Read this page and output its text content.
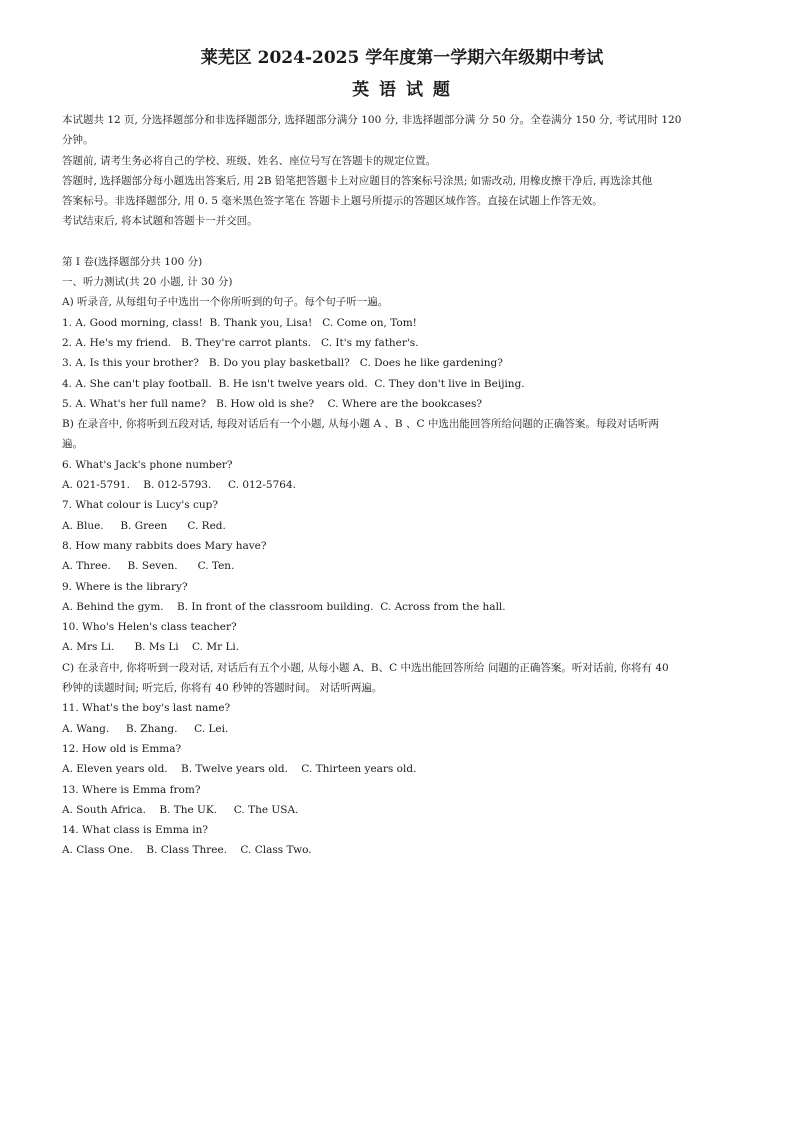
莱芜区 2024-2025 学年度第一学期六年级期中考试
英 语 试 题

本试题共 12 页, 分选择题部分和非选择题部分, 选择题部分满分 100 分, 非选择题部分满 分 50 分。全卷满分 150 分, 考试用时 120

分钟。

答题前, 请考生务必将自己的学校、班级、姓名、座位号写在答题卡的规定位置。

答题时, 选择题部分每小题选出答案后, 用 2B 铅笔把答题卡上对应题目的答案标号涂黑; 如需改动, 用橡皮擦干净后, 再选涂其他

答案标号。非选择题部分, 用 0. 5 毫米黑色签字笔在 答题卡上题号所提示的答题区域作答。直接在试题上作答无效。

考试结束后, 将本试题和答题卡一并交回。

第 I 卷(选择题部分共 100 分)

一、听力测试(共 20 小题, 计 30 分)

A) 听录音, 从每组句子中选出一个你所听到的句子。每个句子听一遍。

1. A. Good morning, class!  B. Thank you, Lisa!   C. Come on, Tom!

2. A. He's my friend.   B. They're carrot plants.   C. It's my father's.

3. A. Is this your brother?   B. Do you play basketball?   C. Does he like gardening?

4. A. She can't play football.  B. He isn't twelve years old.  C. They don't live in Beijing.

5. A. What's her full name?   B. How old is she?    C. Where are the bookcases?

B) 在录音中, 你将听到五段对话, 每段对话后有一个小题, 从每小题 A 、B 、C 中选出能回答所给问题的正确答案。每段对话听两

遍。

6. What's Jack's phone number?

A. 021-5791.    B. 012-5793.     C. 012-5764.

7. What colour is Lucy's cup?

A. Blue.     B. Green      C. Red.

8. How many rabbits does Mary have?

A. Three.     B. Seven.      C. Ten.

9. Where is the library?

A. Behind the gym.    B. In front of the classroom building.  C. Across from the hall.

10. Who's Helen's class teacher?

A. Mrs Li.      B. Ms Li    C. Mr Li.

C) 在录音中, 你将听到一段对话, 对话后有五个小题, 从每小题 A、B、C 中选出能回答所给 问题的正确答案。听对话前, 你将有 40

秒钟的读题时间; 听完后, 你将有 40 秒钟的答题时间。 对话听两遍。

11. What's the boy's last name?

A. Wang.     B. Zhang.     C. Lei.

12. How old is Emma?

A. Eleven years old.    B. Twelve years old.    C. Thirteen years old.

13. Where is Emma from?

A. South Africa.    B. The UK.     C. The USA.

14. What class is Emma in?

A. Class One.    B. Class Three.    C. Class Two.
